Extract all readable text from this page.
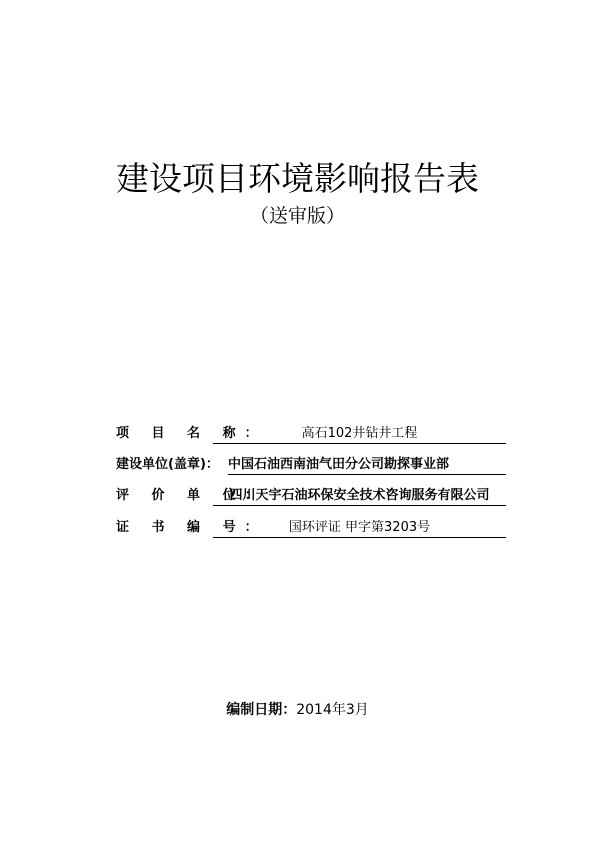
建设项目环境影响报告表
（送审版）
项 目 名 称：	高石102井钻井工程
建设单位(盖章)： 中国石油西南油气田分公司勘探事业部
评 价 单 位：
四川天宇石油环保安全技术咨询服务有限公司
证 书 编 号：	国环评证 甲字第3203号
编制日期：2014年3月
